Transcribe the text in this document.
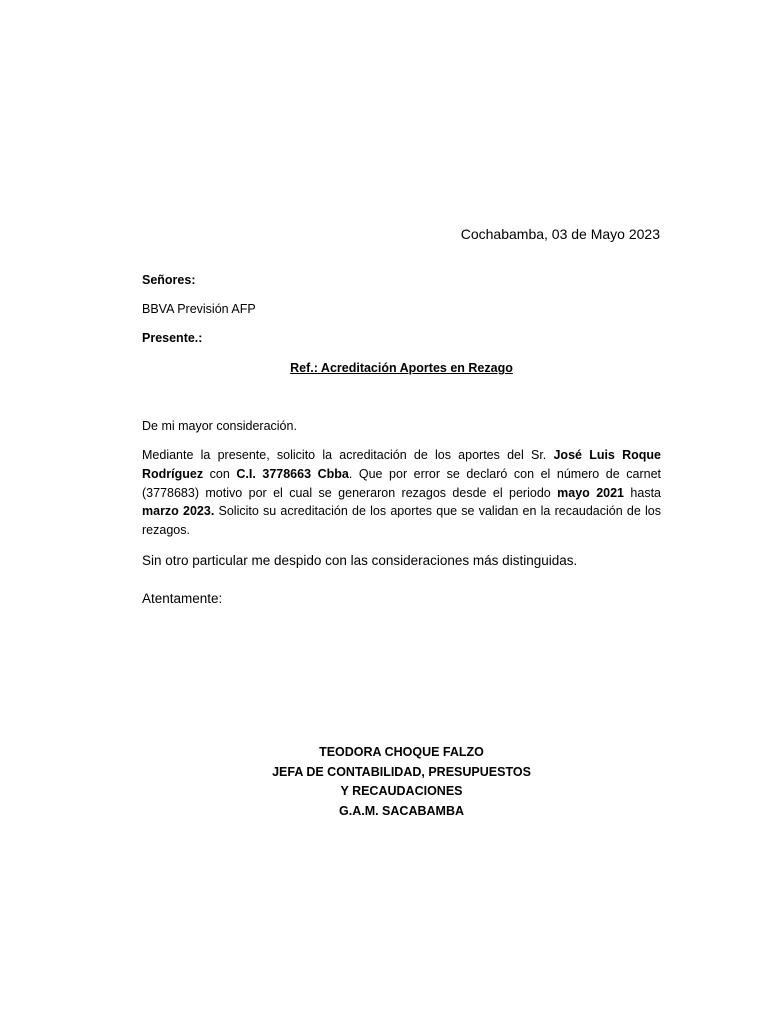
Cochabamba, 03 de Mayo 2023
Señores:
BBVA Previsión AFP
Presente.:
Ref.: Acreditación Aportes en Rezago
De mi mayor consideración.
Mediante la presente, solicito la acreditación de los aportes del Sr. José Luis Roque Rodríguez con C.I. 3778663 Cbba. Que por error se declaró con el número de carnet (3778683) motivo por el cual se generaron rezagos desde el periodo mayo 2021 hasta marzo 2023. Solicito su acreditación de los aportes que se validan en la recaudación de los rezagos.
Sin otro particular me despido con las consideraciones más distinguidas.
Atentamente:
TEODORA CHOQUE FALZO
JEFA DE CONTABILIDAD, PRESUPUESTOS
Y RECAUDACIONES
G.A.M. SACABAMBA
